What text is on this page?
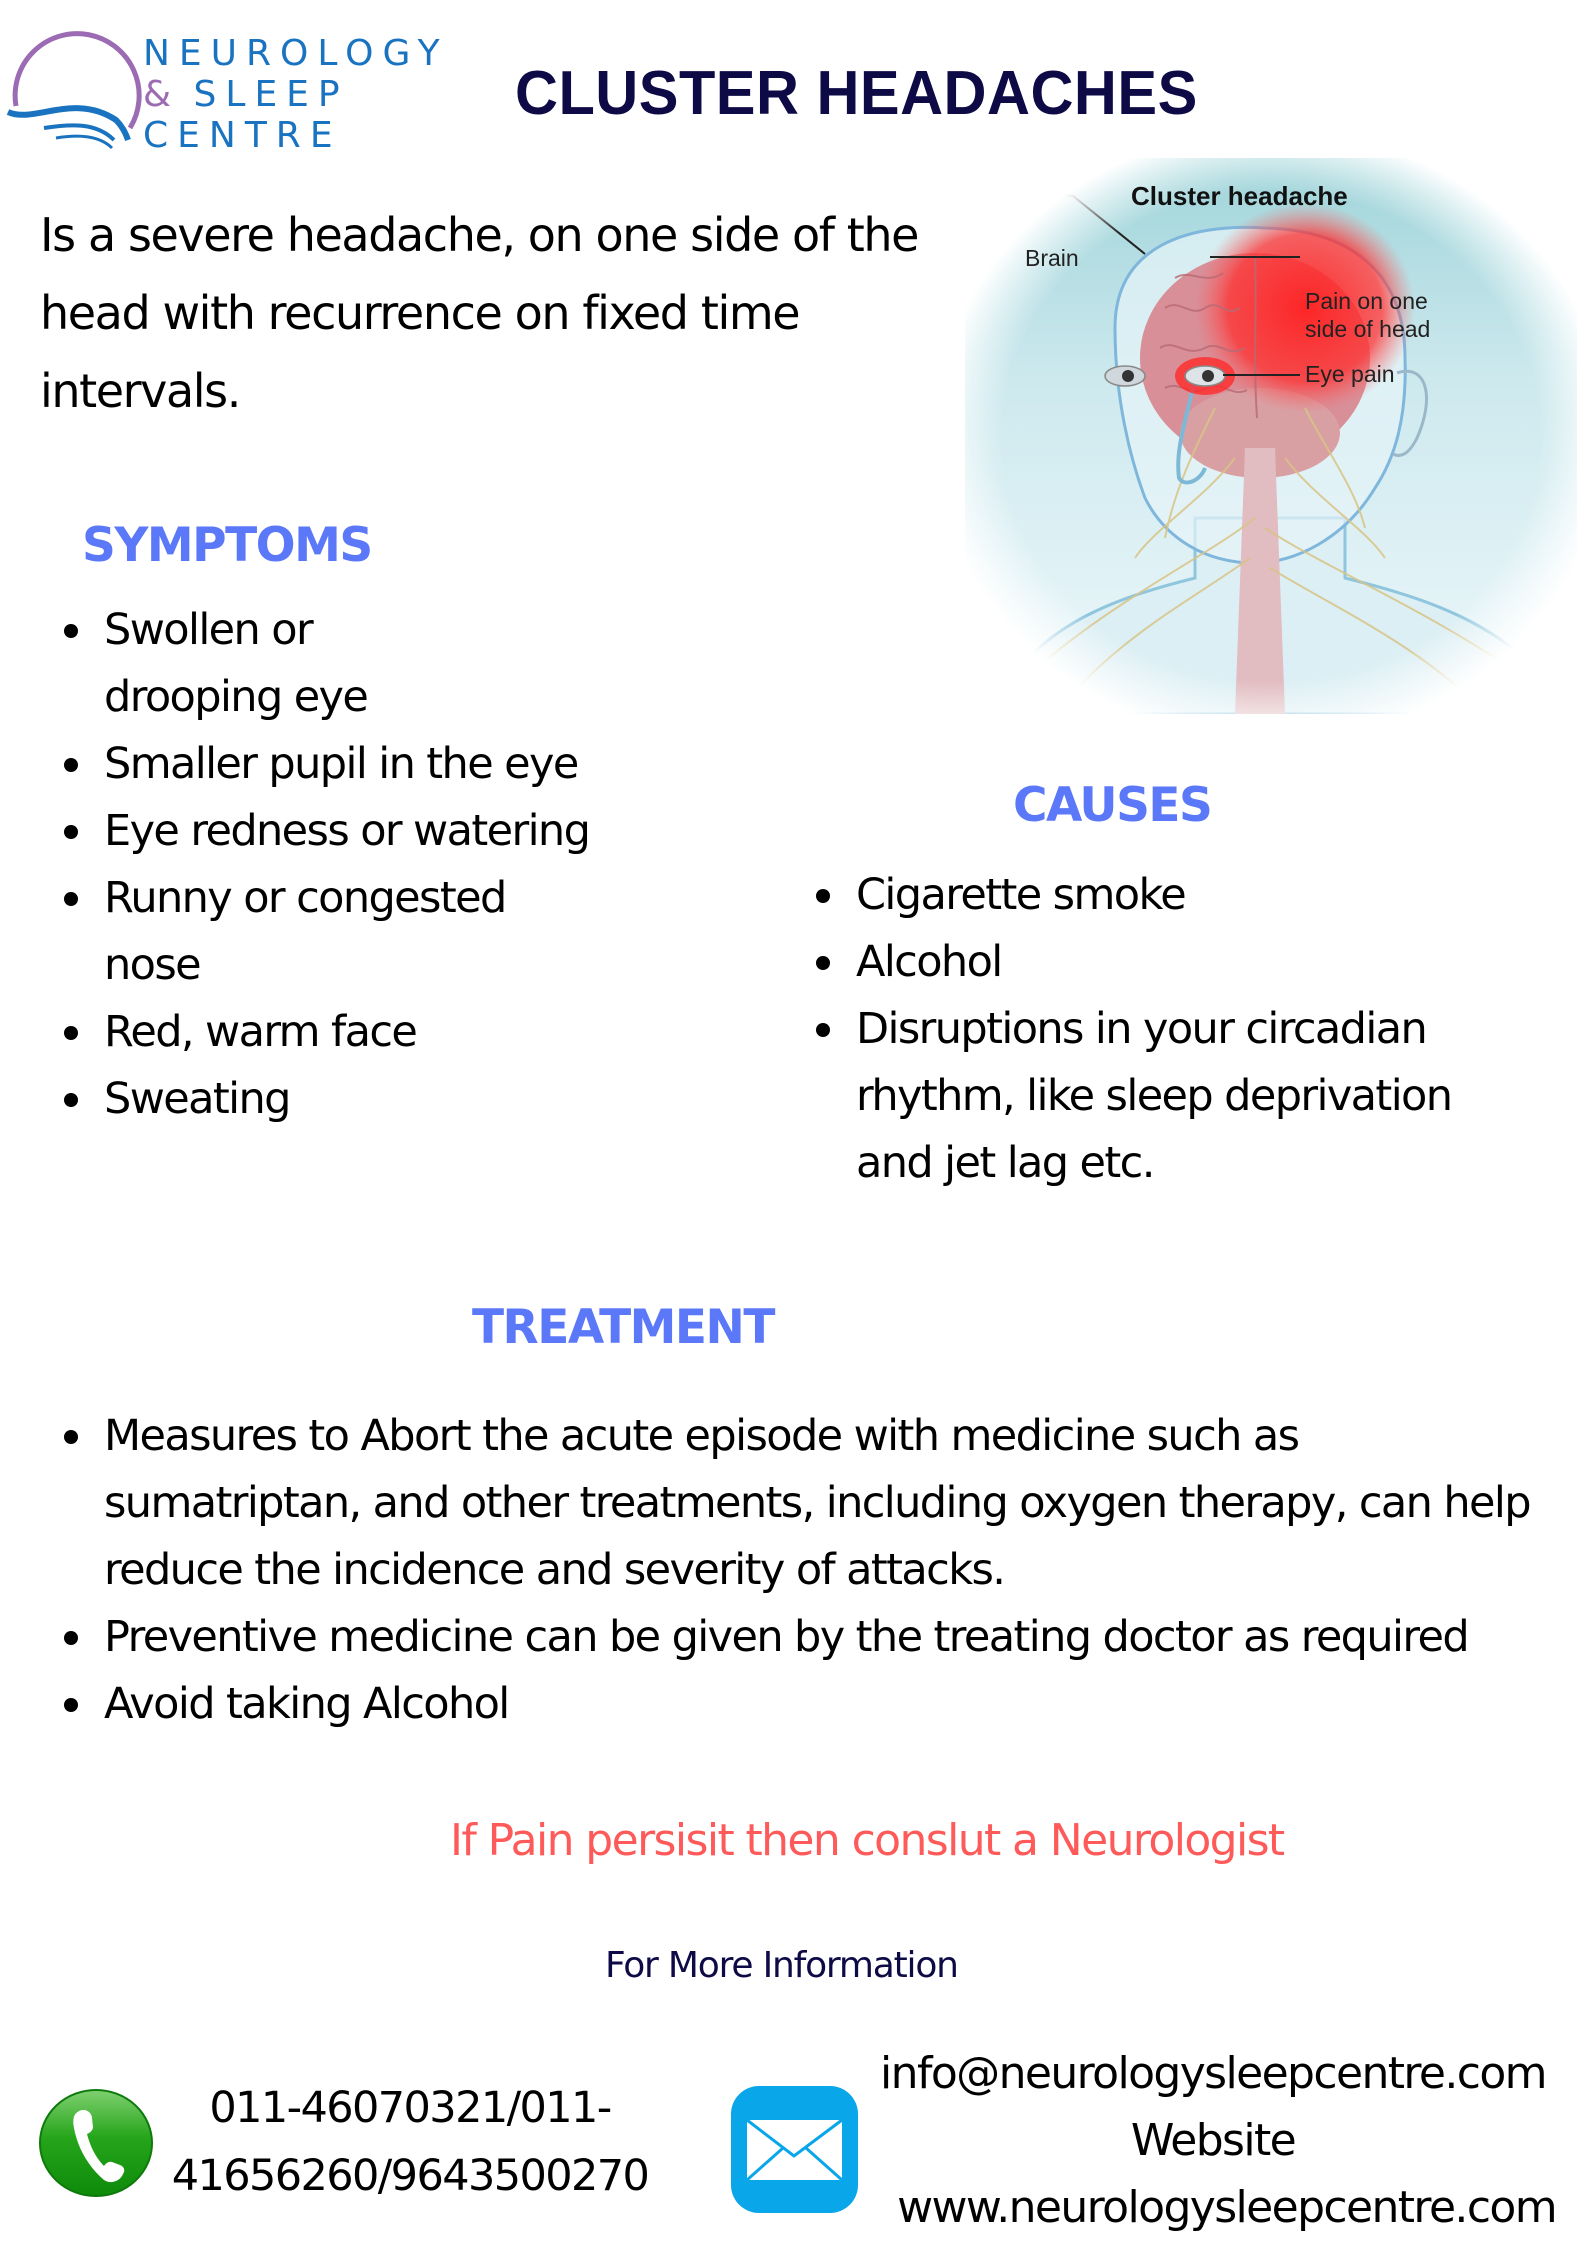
NEUROLOGY
& SLEEP
CENTRE
CLUSTER HEADACHES
Is a severe headache, on one side of the head with recurrence on fixed time intervals.
Cluster headache
Brain
Pain on one
side of head
Eye pain
SYMPTOMS
Swollen or drooping eye
Smaller pupil in the eye
Eye redness or watering
Runny or congested nose
Red, warm face
Sweating
CAUSES
Cigarette smoke
Alcohol
Disruptions in your circadian rhythm, like sleep deprivation and jet lag etc.
TREATMENT
Measures to Abort the acute episode with medicine such as sumatriptan, and other treatments, including oxygen therapy, can help reduce the incidence and severity of attacks.
Preventive medicine can be given by the treating doctor as required
Avoid taking Alcohol
If Pain persisit then conslut a Neurologist
For More Information
011-46070321/011-
41656260/9643500270
info@neurologysleepcentre.com
Website
www.neurologysleepcentre.com
